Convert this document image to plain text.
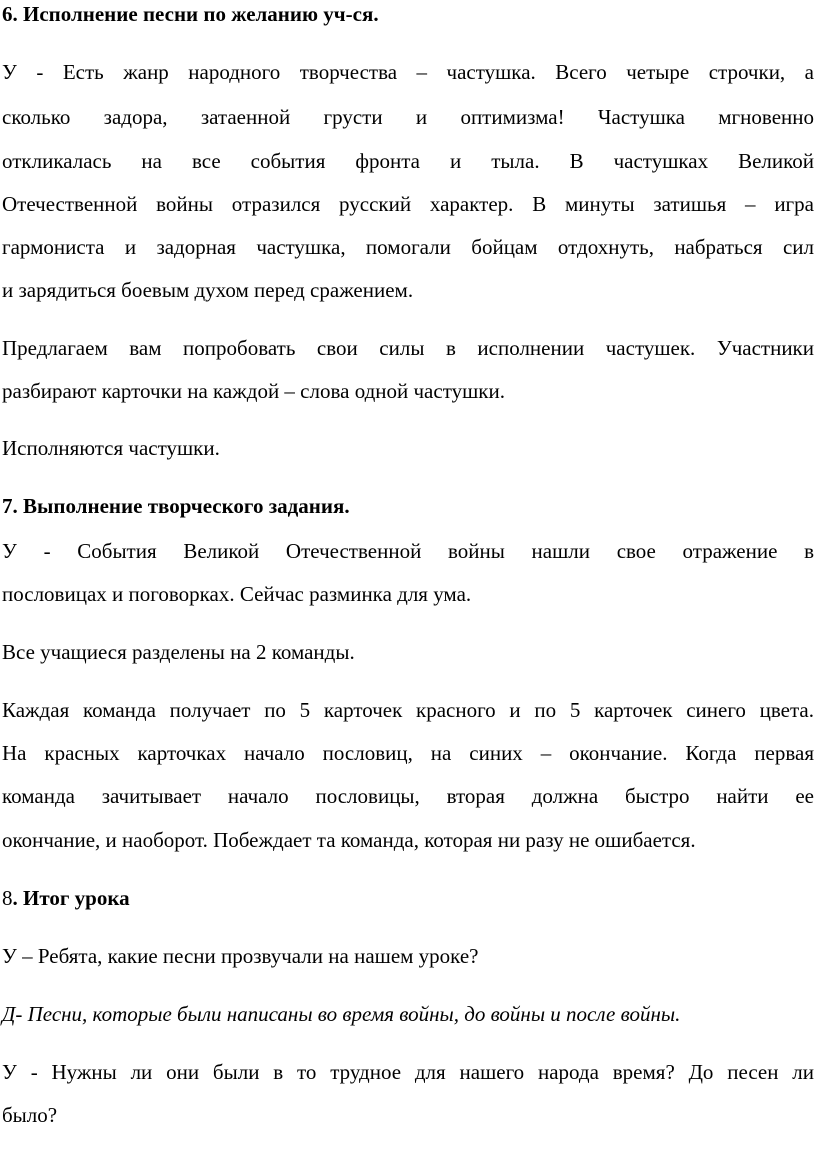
6. Исполнение песни по желанию уч-ся.

У - Есть жанр народного творчества – частушка. Всего четыре строчки, а

сколько задора, затаенной грусти и оптимизма! Частушка мгновенно

откликалась на все события фронта и тыла. В частушках Великой

Отечественной войны отразился русский характер. В минуты затишья – игра

гармониста и задорная частушка, помогали бойцам отдохнуть, набраться сил

и зарядиться боевым духом перед сражением.

Предлагаем вам попробовать свои силы в исполнении частушек. Участники

разбирают карточки на каждой – слова одной частушки.

Исполняются частушки.

7. Выполнение творческого задания.

У - События Великой Отечественной войны нашли свое отражение в

пословицах и поговорках. Сейчас разминка для ума.

Все учащиеся разделены на 2 команды.

Каждая команда получает по 5 карточек красного и по 5 карточек синего цвета.

На красных карточках начало пословиц, на синих – окончание. Когда первая

команда зачитывает начало пословицы, вторая должна быстро найти ее

окончание, и наоборот. Побеждает та команда, которая ни разу не ошибается.

8. Итог урока

У – Ребята, какие песни прозвучали на нашем уроке?

Д- Песни, которые были написаны во время войны, до войны и после войны.

У - Нужны ли они были в то трудное для нашего народа время? До песен ли

было?
